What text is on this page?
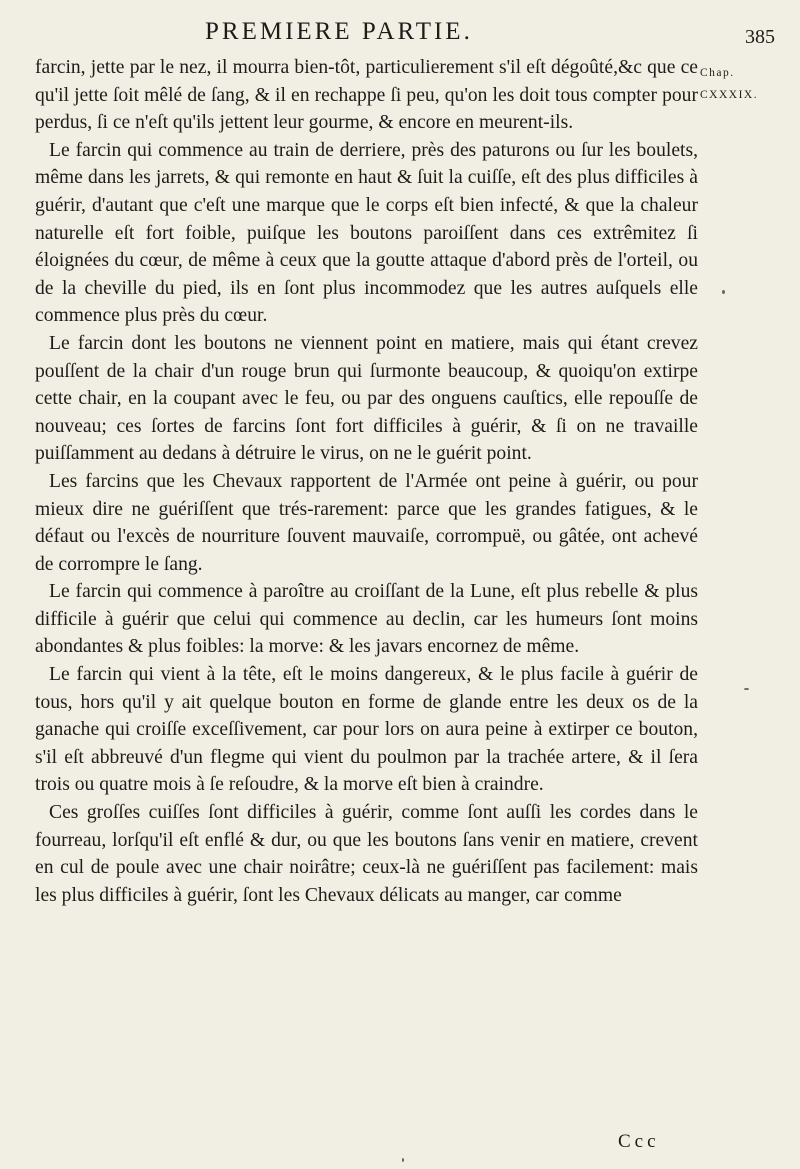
PREMIERE PARTIE.	385
Chap.
CXXXIX.

farcin, jette par le nez, il mourra bien-tôt, particulierement s'il eſt dégoûté,&c que ce qu'il jette ſoit mêlé de ſang, & il en rechappe ſi peu, qu'on les doit tous compter pour perdus, ſi ce n'eſt qu'ils jettent leur gourme, & encore en meurent-ils.

Le farcin qui commence au train de derriere, près des paturons ou ſur les boulets, même dans les jarrets, & qui remonte en haut & ſuit la cuiſſe, eſt des plus difficiles à guérir, d'autant que c'eſt une marque que le corps eſt bien infecté, & que la chaleur naturelle eſt fort foible, puiſque les boutons paroiſſent dans ces extrêmitez ſi éloignées du cœur, de même à ceux que la goutte attaque d'abord près de l'orteil, ou de la cheville du pied, ils en ſont plus incommodez que les autres auſquels elle commence plus près du cœur.

Le farcin dont les boutons ne viennent point en matiere, mais qui étant crevez pouſſent de la chair d'un rouge brun qui ſurmonte beaucoup, & quoiqu'on extirpe cette chair, en la coupant avec le feu, ou par des onguens cauſtics, elle repouſſe de nouveau; ces ſortes de farcins ſont fort difficiles à guérir, & ſi on ne travaille puiſſamment au dedans à détruire le virus, on ne le guérit point.

Les farcins que les Chevaux rapportent de l'Armée ont peine à guérir, ou pour mieux dire ne guériſſent que trés-rarement: parce que les grandes fatigues, & le défaut ou l'excès de nourriture ſouvent mauvaiſe, corrompuë, ou gâtée, ont achevé de corrompre le ſang.

Le farcin qui commence à paroître au croiſſant de la Lune, eſt plus rebelle & plus difficile à guérir que celui qui commence au declin, car les humeurs ſont moins abondantes & plus foibles: la morve: & les javars encornez de même.

Le farcin qui vient à la tête, eſt le moins dangereux, & le plus facile à guérir de tous, hors qu'il y ait quelque bouton en forme de glande entre les deux os de la ganache qui croiſſe exceſſivement, car pour lors on aura peine à extirper ce bouton, s'il eſt abbreuvé d'un flegme qui vient du poulmon par la trachée artere, & il ſera trois ou quatre mois à ſe reſoudre, & la morve eſt bien à craindre.

Ces groſſes cuiſſes ſont difficiles à guérir, comme ſont auſſi les cordes dans le fourreau, lorſqu'il eſt enflé & dur, ou que les boutons ſans venir en matiere, crevent en cul de poule avec une chair noirâtre; ceux-là ne guériſſent pas facilement: mais les plus difficiles à guérir, ſont les Chevaux délicats au manger, car comme

Ccc
